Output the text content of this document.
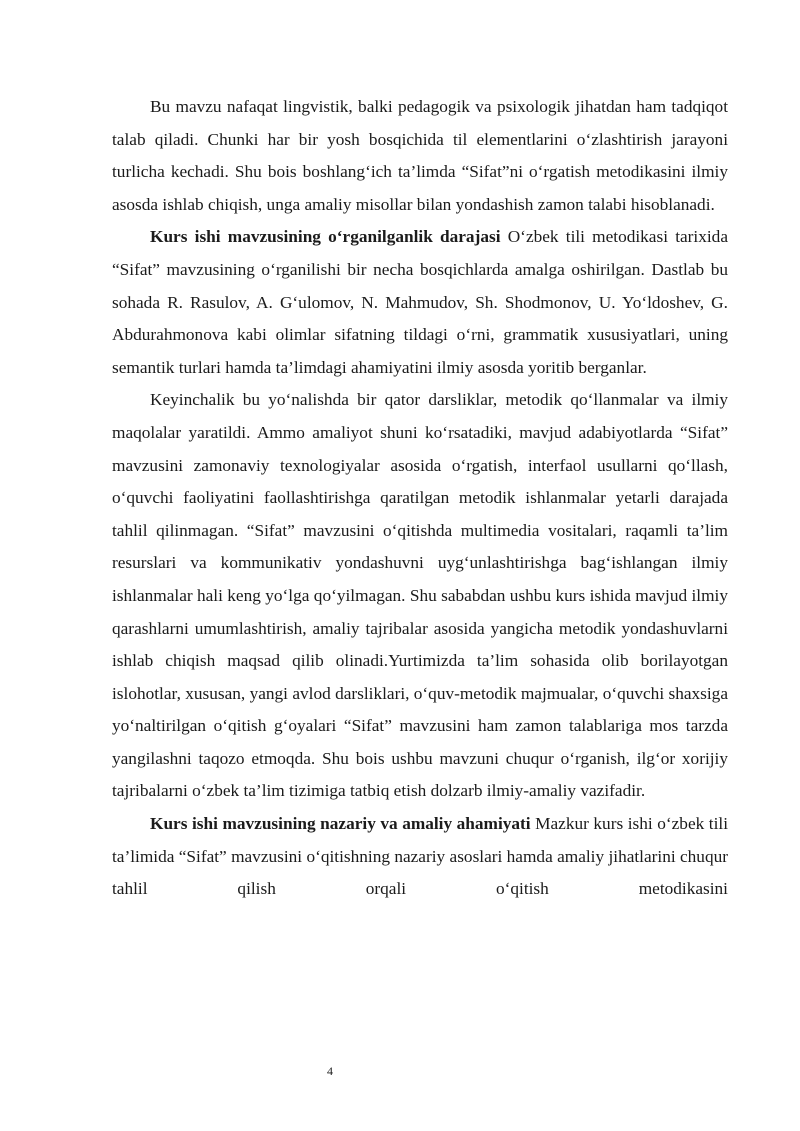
Bu mavzu nafaqat lingvistik, balki pedagogik va psixologik jihatdan ham tadqiqot talab qiladi. Chunki har bir yosh bosqichida til elementlarini o‘zlashtirish jarayoni turlicha kechadi. Shu bois boshlang‘ich ta’limda “Sifat”ni o‘rgatish metodikasini ilmiy asosda ishlab chiqish, unga amaliy misollar bilan yondashish zamon talabi hisoblanadi.

Kurs ishi mavzusining o‘rganilganlik darajasi O‘zbek tili metodikasi tarixida “Sifat” mavzusining o‘rganilishi bir necha bosqichlarda amalga oshirilgan. Dastlab bu sohada R. Rasulov, A. G‘ulomov, N. Mahmudov, Sh. Shodmonov, U. Yo‘ldoshev, G. Abdurahmonova kabi olimlar sifatning tildagi o‘rni, grammatik xususiyatlari, uning semantik turlari hamda ta’limdagi ahamiyatini ilmiy asosda yoritib berganlar.

Keyinchalik bu yo‘nalishda bir qator darsliklar, metodik qo‘llanmalar va ilmiy maqolalar yaratildi. Ammo amaliyot shuni ko‘rsatadiki, mavjud adabiyotlarda “Sifat” mavzusini zamonaviy texnologiyalar asosida o‘rgatish, interfaol usullarni qo‘llash, o‘quvchi faoliyatini faollashtirishga qaratilgan metodik ishlanmalar yetarli darajada tahlil qilinmagan. “Sifat” mavzusini o‘qitishda multimedia vositalari, raqamli ta’lim resurslari va kommunikativ yondashuvni uyg‘unlashtirishga bag‘ishlangan ilmiy ishlanmalar hali keng yo‘lga qo‘yilmagan. Shu sababdan ushbu kurs ishida mavjud ilmiy qarashlarni umumlashtirish, amaliy tajribalar asosida yangicha metodik yondashuvlarni ishlab chiqish maqsad qilib olinadi.Yurtimizda ta’lim sohasida olib borilayotgan islohotlar, xususan, yangi avlod darsliklari, o‘quv-metodik majmualar, o‘quvchi shaxsiga yo‘naltirilgan o‘qitish g‘oyalari “Sifat” mavzusini ham zamon talablariga mos tarzda yangilashni taqozo etmoqda. Shu bois ushbu mavzuni chuqur o‘rganish, ilg‘or xorijiy tajribalarni o‘zbek ta’lim tizimiga tatbiq etish dolzarb ilmiy-amaliy vazifadir.

Kurs ishi mavzusining nazariy va amaliy ahamiyati Mazkur kurs ishi o‘zbek tili ta’limida “Sifat” mavzusini o‘qitishning nazariy asoslari hamda amaliy jihatlarini chuqur tahlil qilish orqali o‘qitish metodikasini

4
